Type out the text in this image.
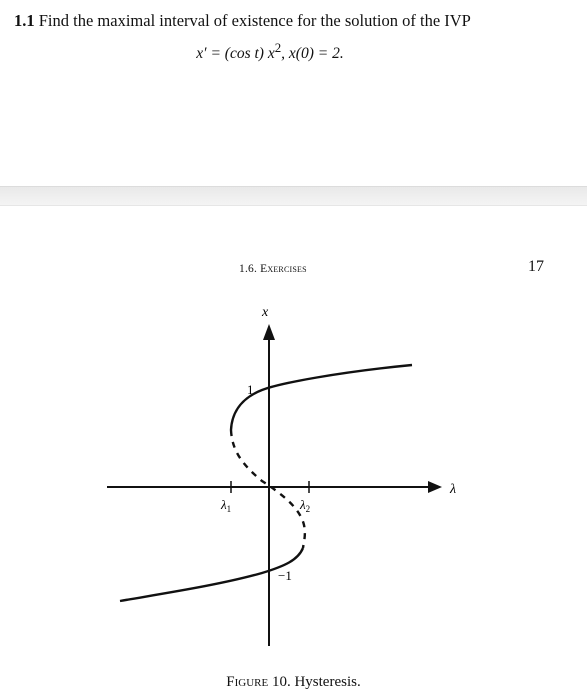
1.1 Find the maximal interval of existence for the solution of the IVP
x′ = (cos t) $x^2$, x(0) = 2.
1.6. Exercises	17
x
λ
1
−1
$\lambda_1$	$\lambda_2$
Figure 10. Hysteresis.
